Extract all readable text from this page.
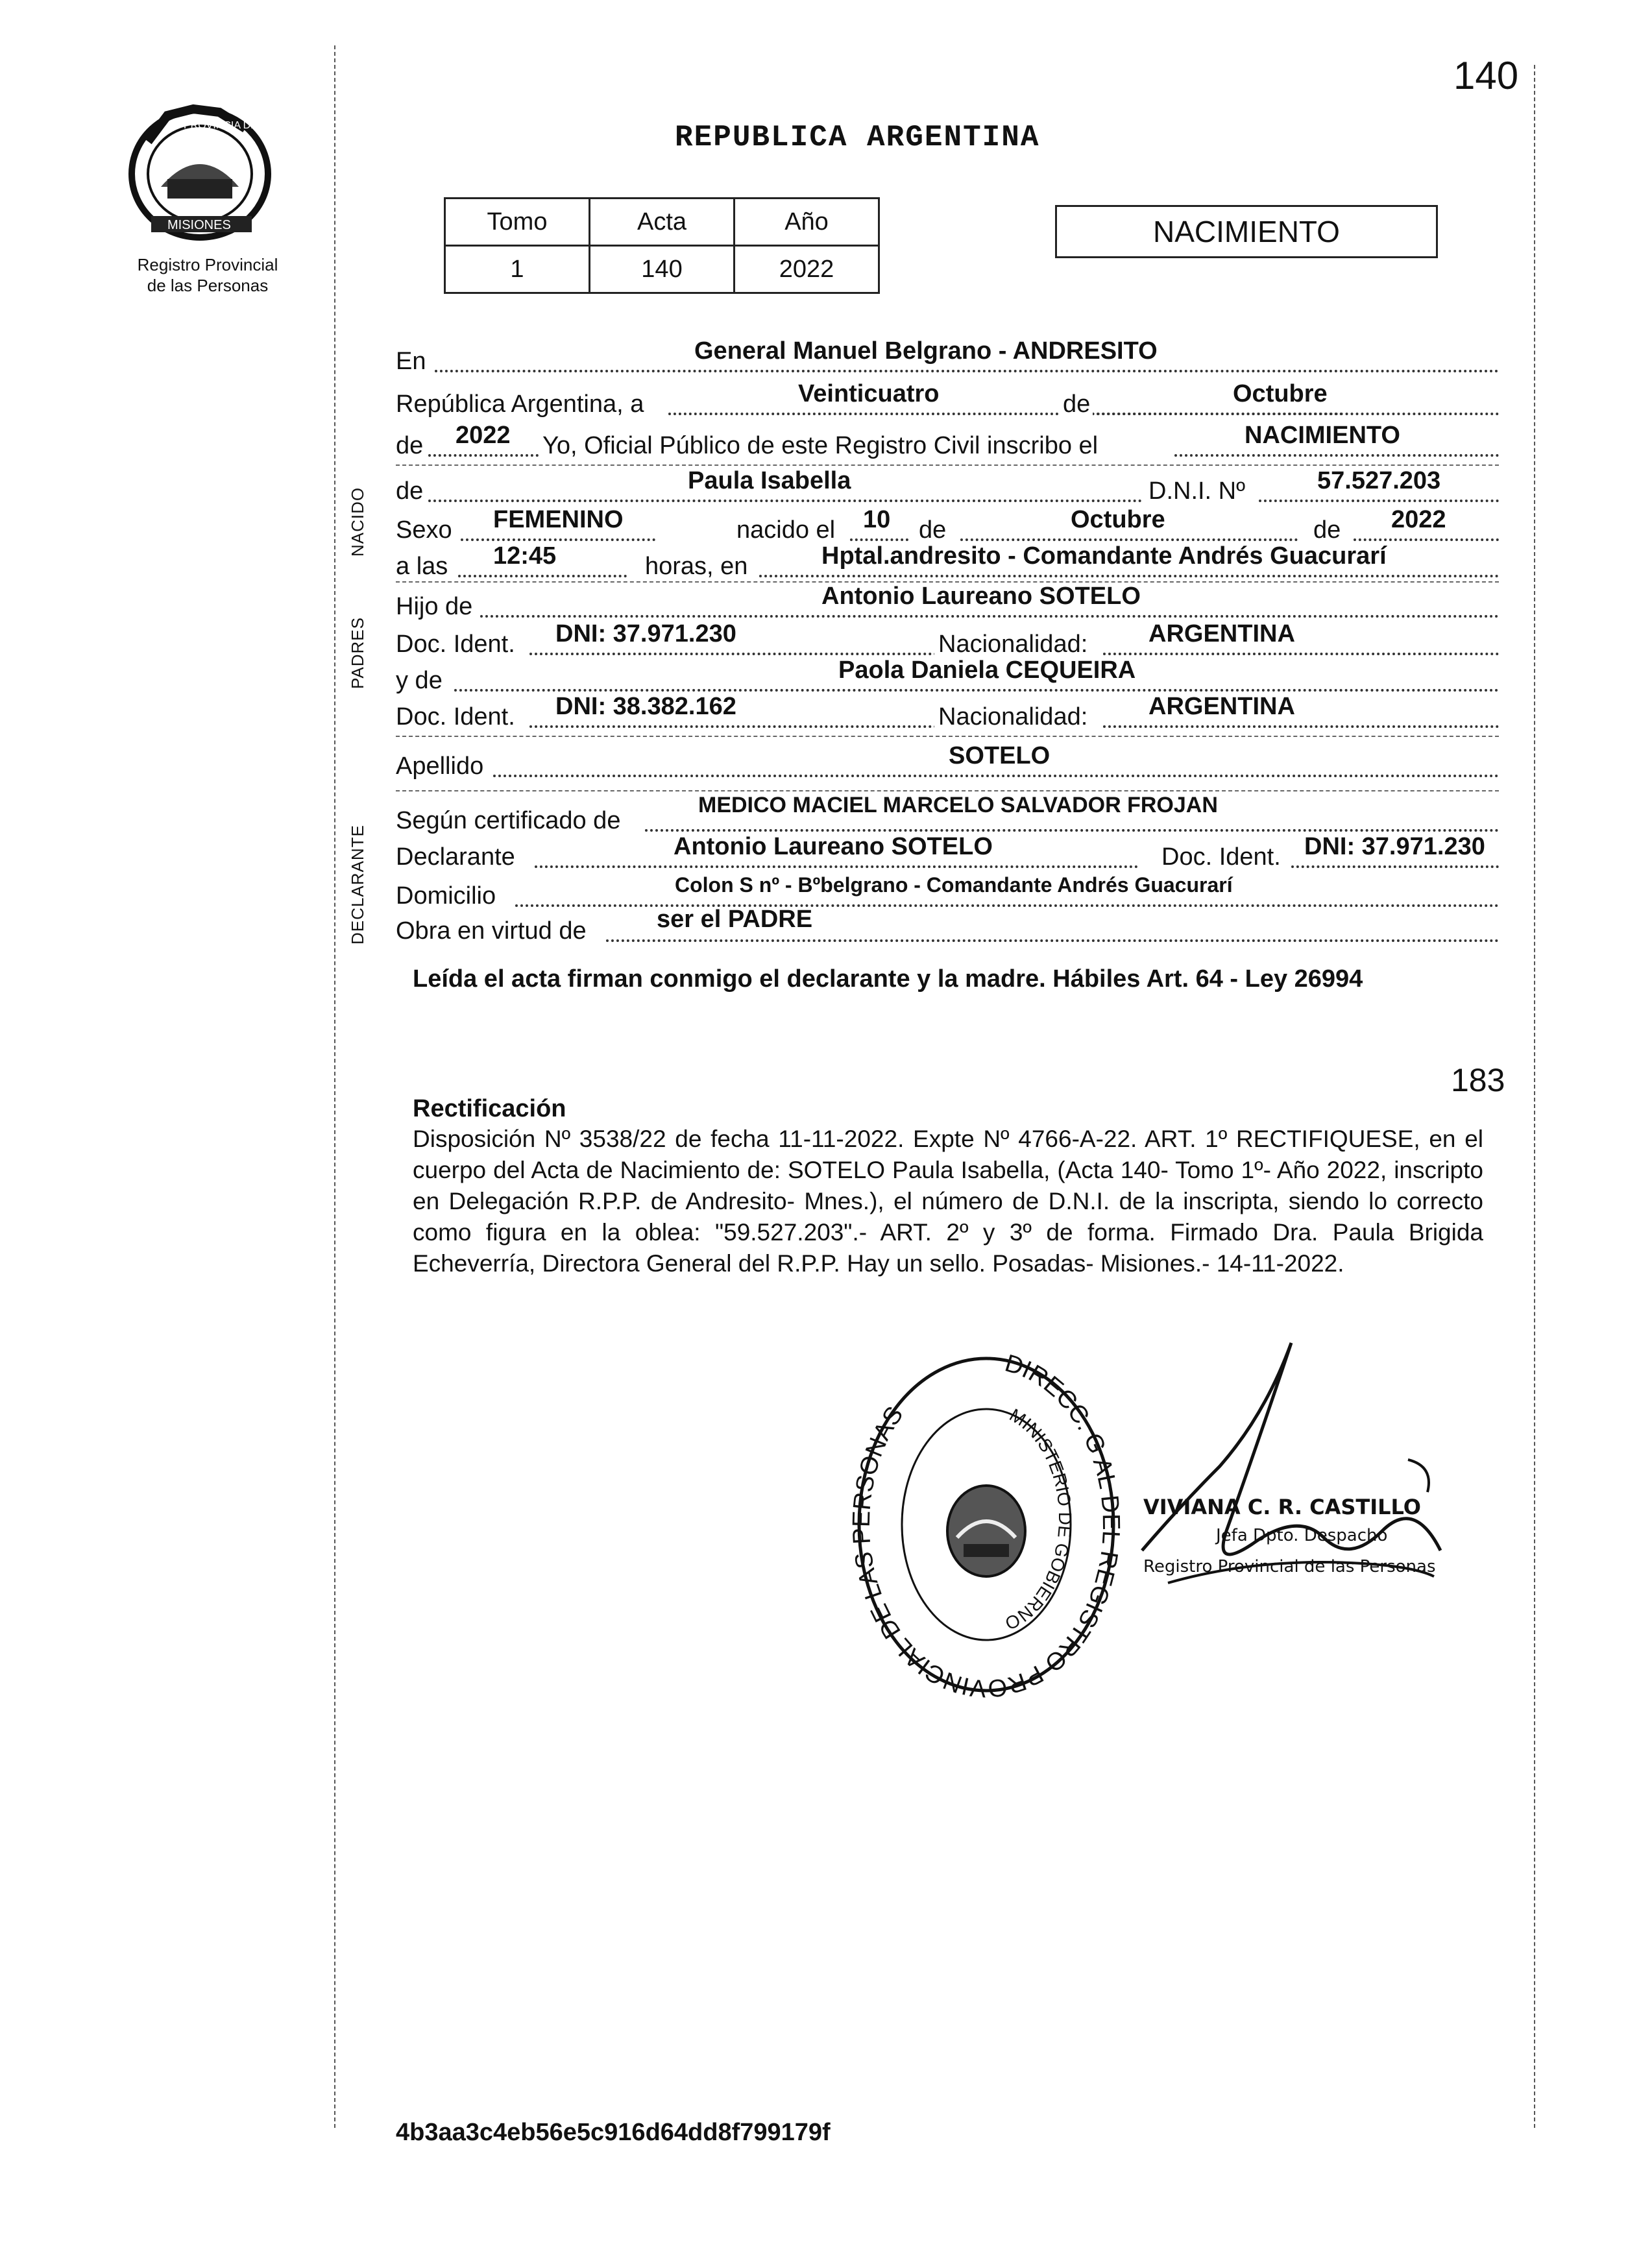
MISIONES
PROVINCIA DE
Registro Provincial
de las Personas
140
REPUBLICA ARGENTINA
Tomo	Acta	Año
1	140	2022
NACIMIENTO
En	General Manuel Belgrano - ANDRESITO
República Argentina, a	Veinticuatro	de	Octubre
de 2022 Yo, Oficial Público de este Registro Civil inscribo el	NACIMIENTO
NACIDO de	Paula Isabella	D.N.I. Nº	57.527.203
Sexo FEMENINO	nacido el 10 de	Octubre	de 2022
a las 12:45	horas, en	Hptal.andresito - Comandante Andrés Guacurarí
PADRES
Hijo de	Antonio Laureano SOTELO
Doc. Ident. DNI: 37.971.230	Nacionalidad: ARGENTINA
y de	Paola Daniela CEQUEIRA
Doc. Ident. DNI: 38.382.162	Nacionalidad: ARGENTINA
Apellido	SOTELO
DECLARANTE
Según certificado de
MEDICO MACIEL MARCELO SALVADOR FROJAN
Declarante	Antonio Laureano SOTELO	Doc. Ident. DNI: 37.971.230
Domicilio	Colon S nº - Bºbelgrano - Comandante Andrés Guacurarí
Obra en virtud de	ser el PADRE
Leída el acta firman conmigo el declarante y la madre. Hábiles Art. 64 - Ley 26994
183
Rectificación
Disposición Nº 3538/22 de fecha 11-11-2022. Expte Nº 4766-A-22. ART. 1º RECTIFIQUESE, en el cuerpo del Acta de Nacimiento de: SOTELO Paula Isabella, (Acta 140- Tomo 1º- Año 2022, inscripto en Delegación R.P.P. de Andresito- Mnes.), el número de D.N.I. de la inscripta, siendo lo correcto como figura en la oblea: "59.527.203".- ART. 2º y 3º de forma. Firmado Dra. Paula Brigida Echeverría, Directora General del R.P.P. Hay un sello. Posadas- Misiones.- 14-11-2022.
DIRECC. G AL DEL REGISTRO PROVINCIAL DE LAS PERSONAS	MINISTERIO DE GOBIERNO
VIVIANA C. R. CASTILLO
Jefa Dpto. Despacho
Registro Provincial de las Personas
4b3aa3c4eb56e5c916d64dd8f799179f
